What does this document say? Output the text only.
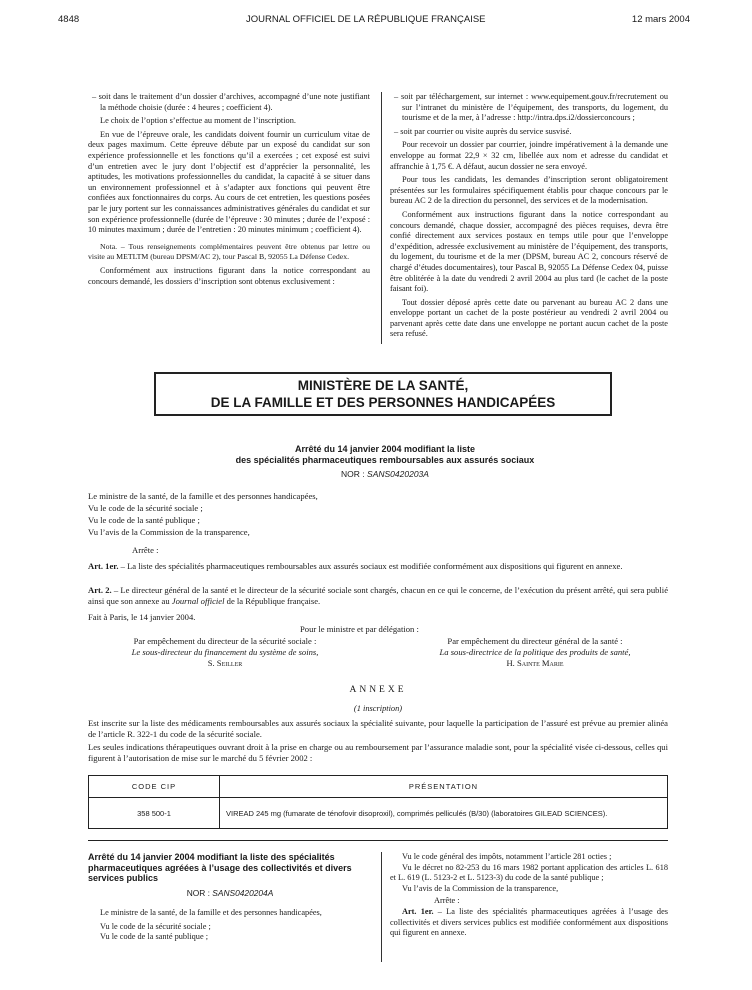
4848	JOURNAL OFFICIEL DE LA RÉPUBLIQUE FRANÇAISE	12 mars 2004

– soit dans le traitement d’un dossier d’archives, accompagné d’une note justifiant la méthode choisie (durée : 4 heures ; coefficient 4).

Le choix de l’option s’effectue au moment de l’inscription.

En vue de l’épreuve orale, les candidats doivent fournir un curriculum vitae de deux pages maximum. Cette épreuve débute par un exposé du candidat sur son expérience professionnelle et les fonctions qu’il a exercées ; cet exposé est suivi d’un entretien avec le jury dont l’objectif est d’apprécier la personnalité, les aptitudes, les motivations professionnelles du candidat, la capacité à se situer dans un environnement professionnel et à s’adapter aux fonctions qui peuvent être confiées aux fonctionnaires du corps. Au cours de cet entretien, les questions posées par le jury portent sur les connaissances administratives générales du candidat et sur son expérience professionnelle (durée de l’épreuve : 30 minutes ; durée de l’exposé : 10 minutes maximum ; durée de l’entretien : 20 minutes minimum ; coefficient 4).

Nota. – Tous renseignements complémentaires peuvent être obtenus par lettre ou visite au METLTM (bureau DPSM/AC 2), tour Pascal B, 92055 La Défense Cedex.

Conformément aux instructions figurant dans la notice correspondant au concours demandé, les dossiers d’inscription sont obtenus exclusivement :

– soit par téléchargement, sur internet : www.equipement.gouv.fr/recrutement ou sur l’intranet du ministère de l’équipement, des transports, du logement, du tourisme et de la mer, à l’adresse : http://intra.dps.i2/dossierconcours ;

– soit par courrier ou visite auprès du service susvisé.

Pour recevoir un dossier par courrier, joindre impérativement à la demande une enveloppe au format 22,9 × 32 cm, libellée aux nom et adresse du candidat et affranchie à 1,75 €. A défaut, aucun dossier ne sera envoyé.

Pour tous les candidats, les demandes d’inscription seront obligatoirement présentées sur les formulaires spécifiquement établis pour chaque concours par le bureau AC 2 de la direction du personnel, des services et de la modernisation.

Conformément aux instructions figurant dans la notice correspondant au concours demandé, chaque dossier, accompagné des pièces requises, devra être confié directement aux services postaux en temps utile pour que l’enveloppe d’expédition, adressée exclusivement au ministère de l’équipement, des transports, du logement, du tourisme et de la mer (DPSM, bureau AC 2, concours réservé de chargé d’études documentaires), tour Pascal B, 92055 La Défense Cedex 04, puisse être oblitérée à la date du vendredi 2 avril 2004 au plus tard (le cachet de la poste faisant foi).

Tout dossier déposé après cette date ou parvenant au bureau AC 2 dans une enveloppe portant un cachet de la poste postérieur au vendredi 2 avril 2004 ou parvenant après cette date dans une enveloppe ne portant aucun cachet de la poste sera refusé.

MINISTÈRE DE LA SANTÉ,
DE LA FAMILLE ET DES PERSONNES HANDICAPÉES
Arrêté du 14 janvier 2004 modifiant la liste
des spécialités pharmaceutiques remboursables aux assurés sociaux
NOR : SANS0420203A
Le ministre de la santé, de la famille et des personnes handicapées,
Vu le code de la sécurité sociale ;
Vu le code de la santé publique ;
Vu l’avis de la Commission de la transparence,
Arrête :

Art. 1er. – La liste des spécialités pharmaceutiques remboursables aux assurés sociaux est modifiée conformément aux dispositions qui figurent en annexe.

Art. 2. – Le directeur général de la santé et le directeur de la sécurité sociale sont chargés, chacun en ce qui le concerne, de l’exécution du présent arrêté, qui sera publié ainsi que son annexe au Journal officiel de la République française.

Fait à Paris, le 14 janvier 2004.
Pour le ministre et par délégation :
Par empêchement du directeur de la sécurité sociale :
Le sous-directeur du financement du système de soins,
S. Seiller
Par empêchement du directeur général de la santé :
La sous-directrice de la politique des produits de santé,
H. Sainte Marie
ANNEXE
(1 inscription)

Est inscrite sur la liste des médicaments remboursables aux assurés sociaux la spécialité suivante, pour laquelle la participation de l’assuré est prévue au premier alinéa de l’article R. 322-1 du code de la sécurité sociale.

Les seules indications thérapeutiques ouvrant droit à la prise en charge ou au remboursement par l’assurance maladie sont, pour la spécialité visée ci-dessous, celles qui figurent à l’autorisation de mise sur le marché du 5 février 2002 :

CODE CIP	PRÉSENTATION
358 500-1	VIREAD 245 mg (fumarate de ténofovir disoproxil), comprimés pelliculés (B/30) (laboratoires GILEAD SCIENCES).
Arrêté du 14 janvier 2004 modifiant la liste des spécialités pharmaceutiques agréées à l’usage des collectivités et divers services publics
NOR : SANS0420204A

Le ministre de la santé, de la famille et des personnes handicapées,

Vu le code de la sécurité sociale ;

Vu le code de la santé publique ;

Vu le code général des impôts, notamment l’article 281 octies ;

Vu le décret no 82-253 du 16 mars 1982 portant application des articles L. 618 et L. 619 (L. 5123-2 et L. 5123-3) du code de la santé publique ;

Vu l’avis de la Commission de la transparence,

Arrête :

Art. 1er. – La liste des spécialités pharmaceutiques agréées à l’usage des collectivités et divers services publics est modifiée conformément aux dispositions qui figurent en annexe.
